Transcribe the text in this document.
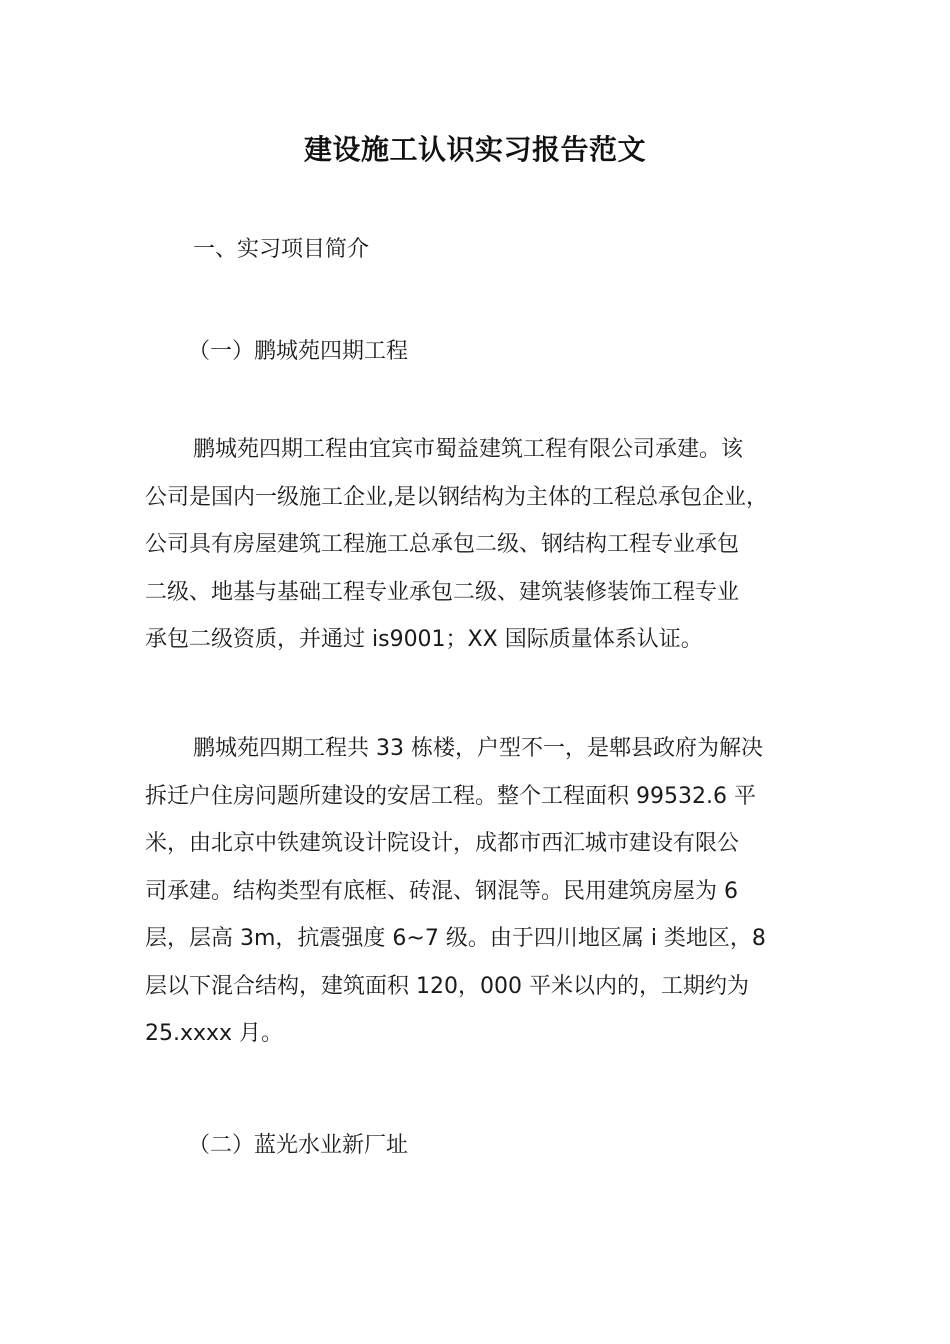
建设施工认识实习报告范文
一、实习项目简介
（一）鹏城苑四期工程
鹏城苑四期工程由宜宾市蜀益建筑工程有限公司承建。该
公司是国内一级施工企业,是以钢结构为主体的工程总承包企业，
公司具有房屋建筑工程施工总承包二级、钢结构工程专业承包
二级、地基与基础工程专业承包二级、建筑装修装饰工程专业
承包二级资质，并通过 is9001；XX 国际质量体系认证。
鹏城苑四期工程共 33 栋楼，户型不一，是郫县政府为解决
拆迁户住房问题所建设的安居工程。整个工程面积 99532.6 平
米，由北京中铁建筑设计院设计，成都市西汇城市建设有限公
司承建。结构类型有底框、砖混、钢混等。民用建筑房屋为 6
层，层高 3m，抗震强度 6~7 级。由于四川地区属 i 类地区，8
层以下混合结构，建筑面积 120，000 平米以内的，工期约为
25.xxxx 月。
（二）蓝光水业新厂址
